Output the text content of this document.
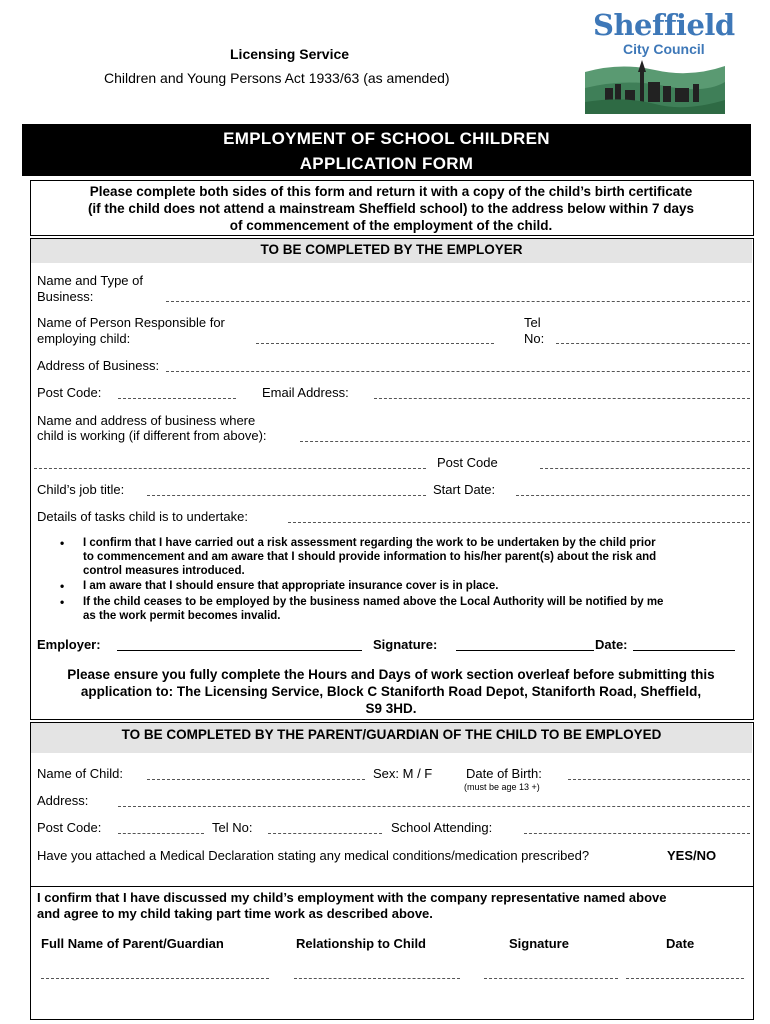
Licensing Service
Children and Young Persons Act 1933/63 (as amended)
Sheffield
City Council
EMPLOYMENT OF SCHOOL CHILDREN
APPLICATION FORM
Please complete both sides of this form and return it with a copy of the child’s birth certificate
(if the child does not attend a mainstream Sheffield school) to the address below within 7 days
of commencement of the employment of the child.
TO BE COMPLETED BY THE EMPLOYER
Name and Type of
Business:
Name of Person Responsible for
employing child:
Tel
No:
Address of Business:
Post Code:	Email Address:
Name and address of business where
child is working (if different from above):
Post Code
Child’s job title:	Start Date:
Details of tasks child is to undertake:
• I confirm that I have carried out a risk assessment regarding the work to be undertaken by the child prior
to commencement and am aware that I should provide information to his/her parent(s) about the risk and
control measures introduced.
• I am aware that I should ensure that appropriate insurance cover is in place.
• If the child ceases to be employed by the business named above the Local Authority will be notified by me
as the work permit becomes invalid.
Employer:	Signature:	Date:
Please ensure you fully complete the Hours and Days of work section overleaf before submitting this
application to: The Licensing Service, Block C Staniforth Road Depot, Staniforth Road, Sheffield,
S9 3HD.
TO BE COMPLETED BY THE PARENT/GUARDIAN OF THE CHILD TO BE EMPLOYED
Name of Child:	Sex: M / F	Date of Birth:
(must be age 13 +)
Address:
Post Code:	Tel No:	School Attending:
Have you attached a Medical Declaration stating any medical conditions/medication prescribed?	YES/NO
I confirm that I have discussed my child’s employment with the company representative named above
and agree to my child taking part time work as described above.
Full Name of Parent/Guardian	Relationship to Child	Signature	Date
